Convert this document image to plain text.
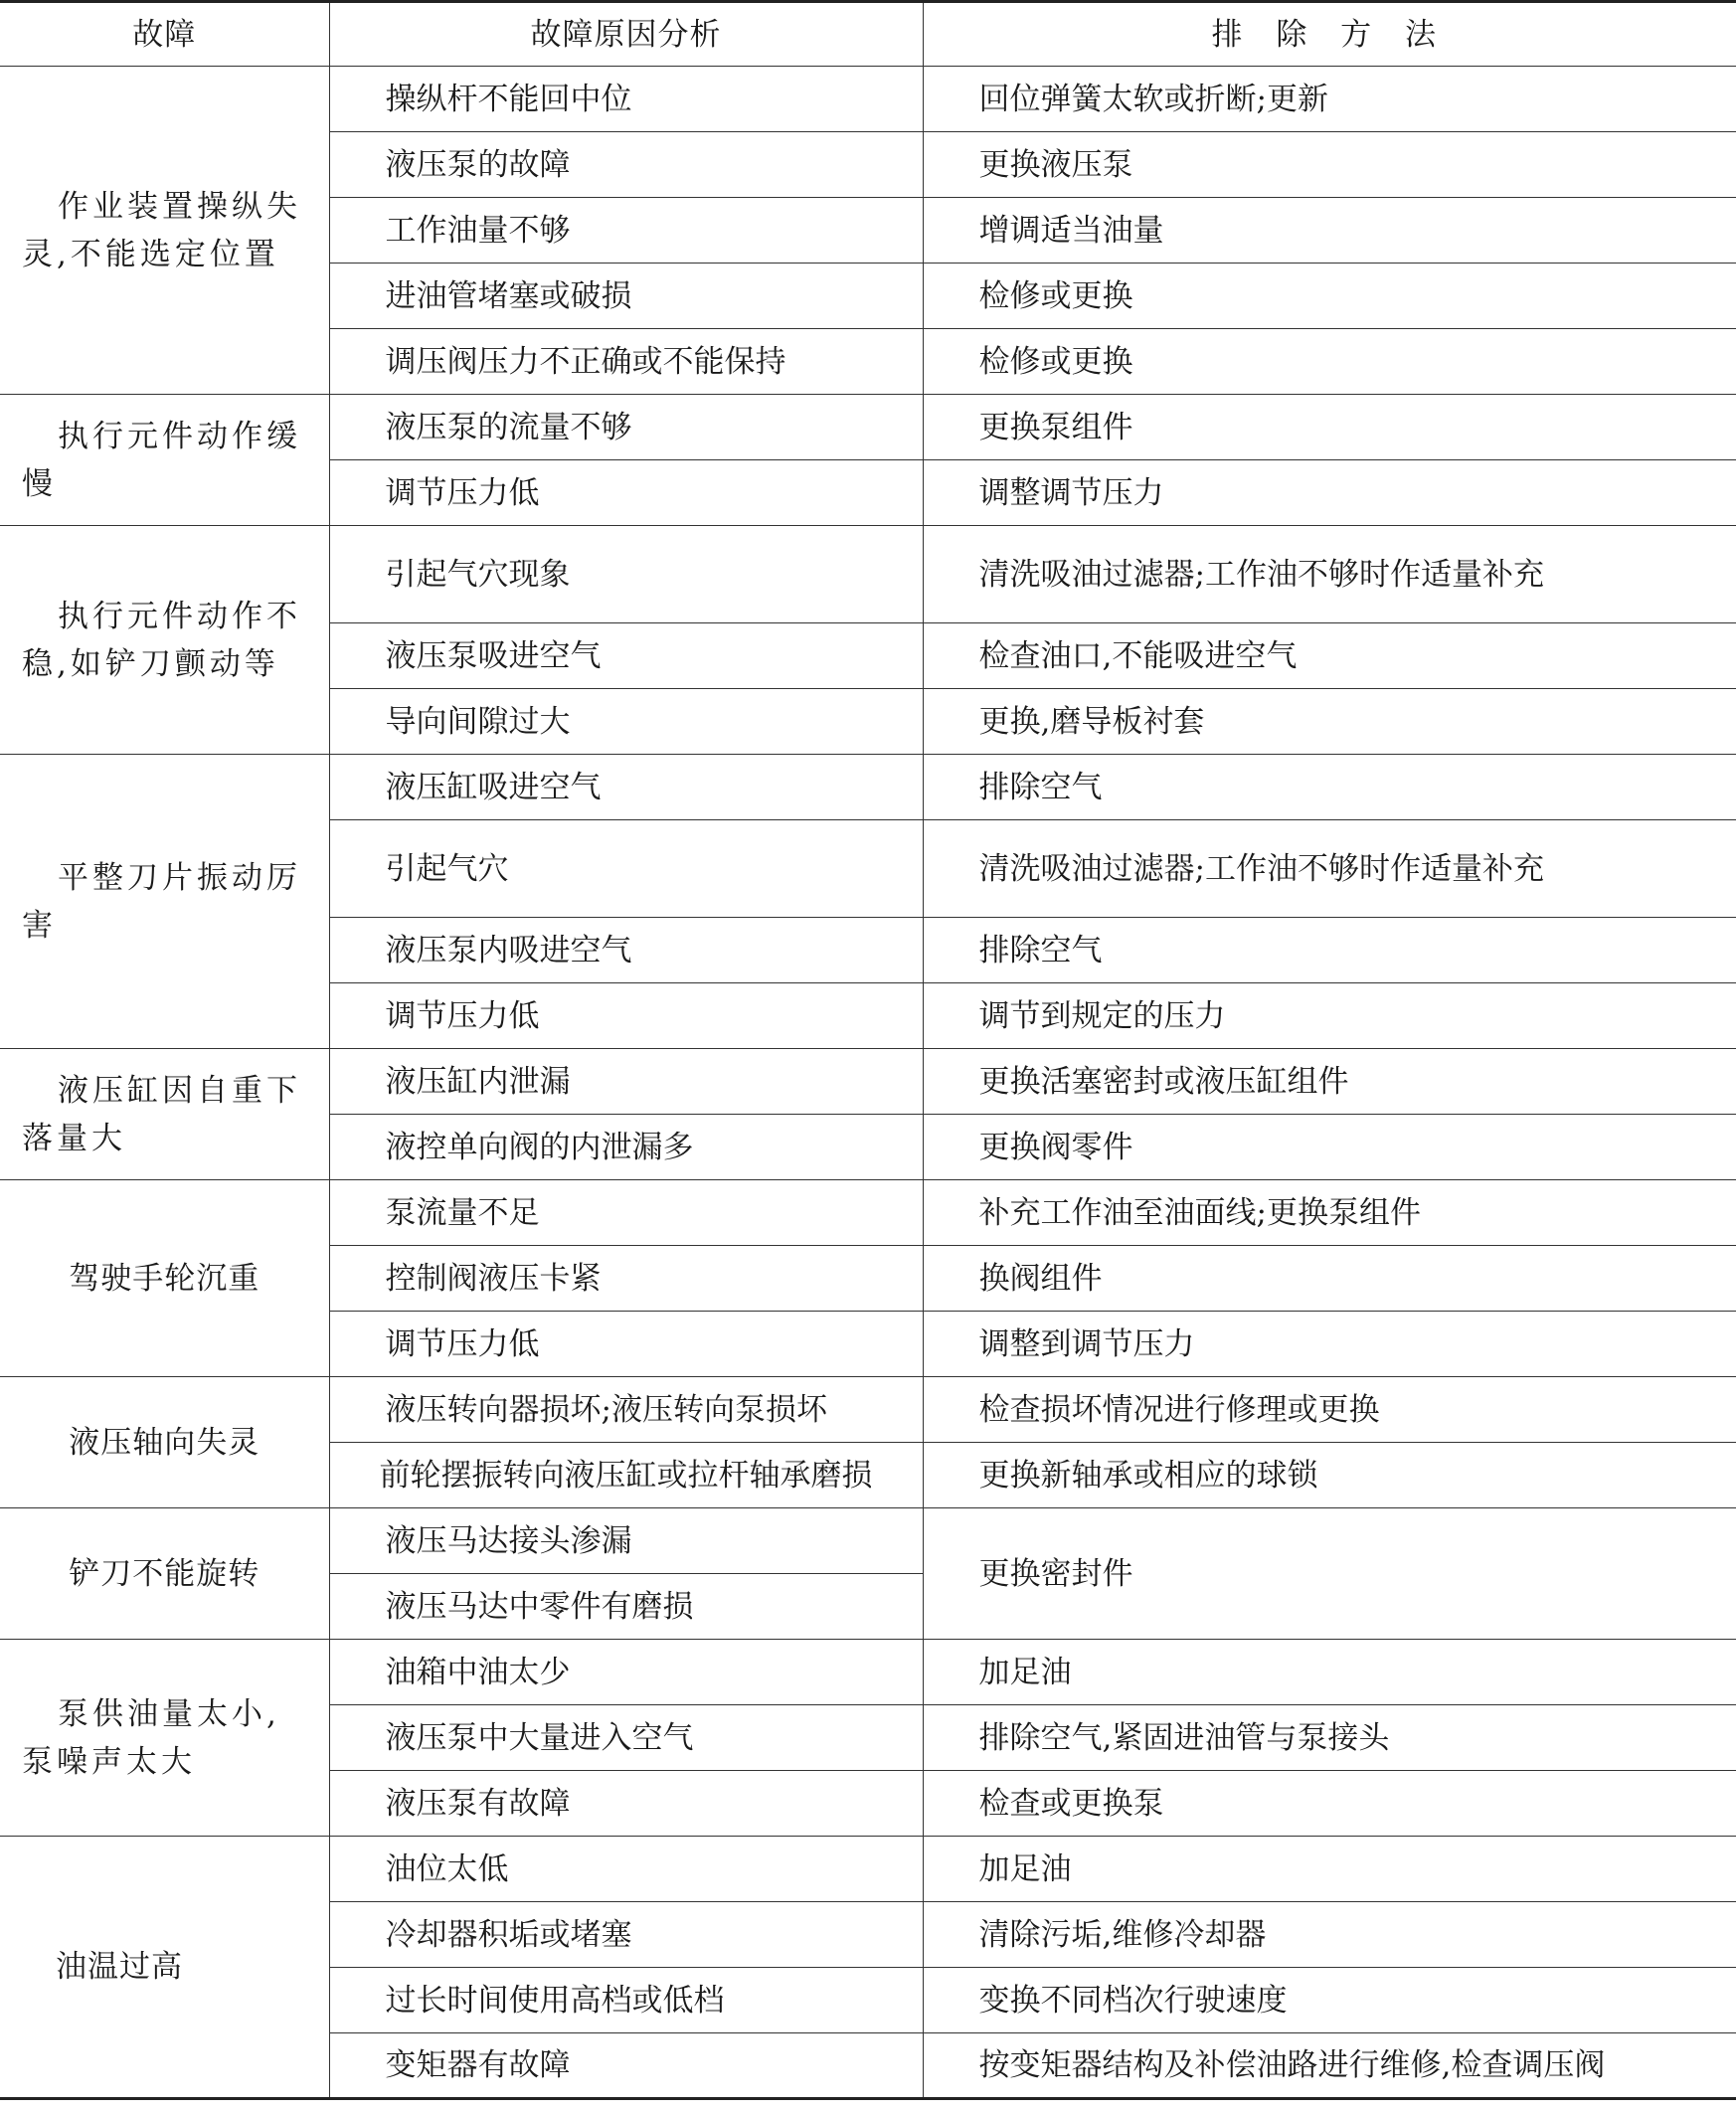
故障	故障原因分析	排 除 方 法
作业装置操纵失灵,不能选定位置	操纵杆不能回中位	回位弹簧太软或折断;更新
	液压泵的故障	更换液压泵
	工作油量不够	增调适当油量
	进油管堵塞或破损	检修或更换
	调压阀压力不正确或不能保持	检修或更换
执行元件动作缓慢	液压泵的流量不够	更换泵组件
	调节压力低	调整调节压力
执行元件动作不稳,如铲刀颤动等	引起气穴现象	清洗吸油过滤器;工作油不够时作适量补充
	液压泵吸进空气	检查油口,不能吸进空气
	导向间隙过大	更换,磨导板衬套
平整刀片振动厉害	液压缸吸进空气	排除空气
	引起气穴	清洗吸油过滤器;工作油不够时作适量补充
	液压泵内吸进空气	排除空气
	调节压力低	调节到规定的压力
液压缸因自重下落量大	液压缸内泄漏	更换活塞密封或液压缸组件
	液控单向阀的内泄漏多	更换阀零件
驾驶手轮沉重	泵流量不足	补充工作油至油面线;更换泵组件
	控制阀液压卡紧	换阀组件
	调节压力低	调整到调节压力
液压轴向失灵	液压转向器损坏;液压转向泵损坏	检查损坏情况进行修理或更换
	前轮摆振转向液压缸或拉杆轴承磨损	更换新轴承或相应的球锁
铲刀不能旋转	液压马达接头渗漏	更换密封件
	液压马达中零件有磨损	
泵供油量太小,泵噪声太大	油箱中油太少	加足油
	液压泵中大量进入空气	排除空气,紧固进油管与泵接头
	液压泵有故障	检查或更换泵
油温过高	油位太低	加足油
	冷却器积垢或堵塞	清除污垢,维修冷却器
	过长时间使用高档或低档	变换不同档次行驶速度
	变矩器有故障	按变矩器结构及补偿油路进行维修,检查调压阀
